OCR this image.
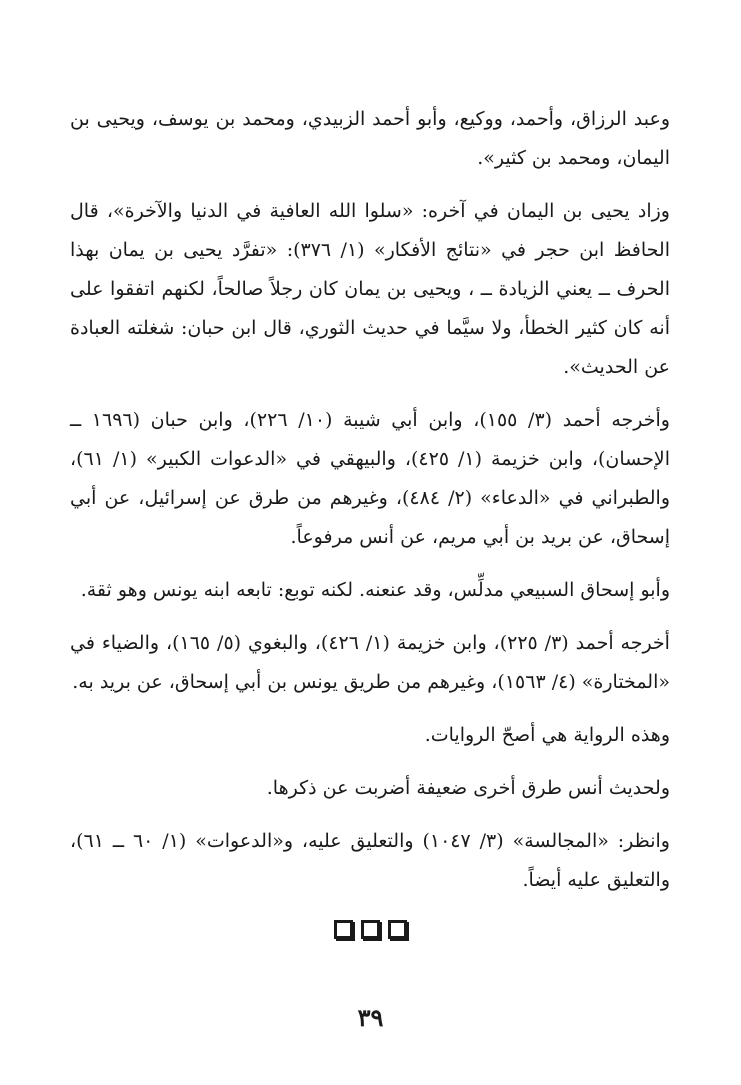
وعبد الرزاق، وأحمد، ووكيع، وأبو أحمد الزبيدي، ومحمد بن يوسف، ويحيى بن اليمان، ومحمد بن كثير».

وزاد يحيى بن اليمان في آخره: «سلوا الله العافية في الدنيا والآخرة»، قال الحافظ ابن حجر في «نتائج الأفكار» (١/ ٣٧٦): «تفرَّد يحيى بن يمان بهذا الحرف ــ يعني الزيادة ــ ، ويحيى بن يمان كان رجلاً صالحاً، لكنهم اتفقوا على أنه كان كثير الخطأ، ولا سيَّما في حديث الثوري، قال ابن حبان: شغلته العبادة عن الحديث».

وأخرجه أحمد (٣/ ١٥٥)، وابن أبي شيبة (١٠/ ٢٢٦)، وابن حبان (١٦٩٦ ــ الإحسان)، وابن خزيمة (١/ ٤٢٥)، والبيهقي في «الدعوات الكبير» (١/ ٦١)، والطبراني في «الدعاء» (٢/ ٤٨٤)، وغيرهم من طرق عن إسرائيل، عن أبي إسحاق، عن بريد بن أبي مريم، عن أنس مرفوعاً.

وأبو إسحاق السبيعي مدلِّس، وقد عنعنه. لكنه توبع: تابعه ابنه يونس وهو ثقة.

أخرجه أحمد (٣/ ٢٢٥)، وابن خزيمة (١/ ٤٢٦)، والبغوي (٥/ ١٦٥)، والضياء في «المختارة» (٤/ ١٥٦٣)، وغيرهم من طريق يونس بن أبي إسحاق، عن بريد به.

وهذه الرواية هي أصحّ الروايات.

ولحديث أنس طرق أخرى ضعيفة أضربت عن ذكرها.

وانظر: «المجالسة» (٣/ ١٠٤٧) والتعليق عليه، و«الدعوات» (١/ ٦٠ ــ ٦١)، والتعليق عليه أيضاً.

٣٩
